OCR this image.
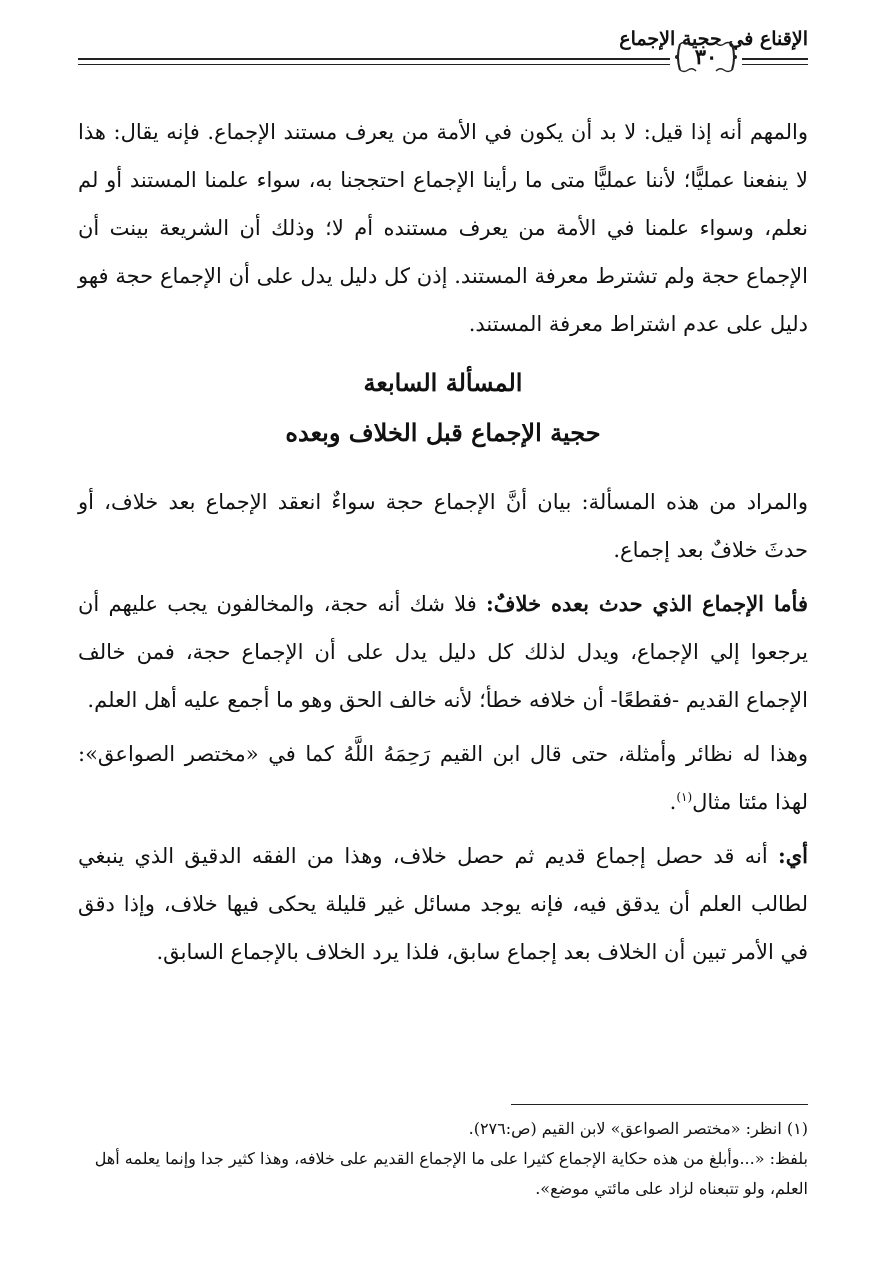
الإقناع في حجية الإجماع
٣٠

والمهم أنه إذا قيل: لا بد أن يكون في الأمة من يعرف مستند الإجماع. فإنه يقال: هذا لا ينفعنا عمليًّا؛ لأننا عمليًّا متى ما رأينا الإجماع احتججنا به، سواء علمنا المستند أو لم نعلم، وسواء علمنا في الأمة من يعرف مستنده أم لا؛ وذلك أن الشريعة بينت أن الإجماع حجة ولم تشترط معرفة المستند. إذن كل دليل يدل على أن الإجماع حجة فهو دليل على عدم اشتراط معرفة المستند.

المسألة السابعة

حجية الإجماع قبل الخلاف وبعده

والمراد من هذه المسألة: بيان أنَّ الإجماع حجة سواءٌ انعقد الإجماع بعد خلاف، أو حدثَ خلافٌ بعد إجماع.

فأما الإجماع الذي حدث بعده خلافٌ: فلا شك أنه حجة، والمخالفون يجب عليهم أن يرجعوا إلي الإجماع، ويدل لذلك كل دليل يدل على أن الإجماع حجة، فمن خالف الإجماع القديم -فقطعًا- أن خلافه خطأ؛ لأنه خالف الحق وهو ما أجمع عليه أهل العلم.

وهذا له نظائر وأمثلة، حتى قال ابن القيم رَحِمَهُ اللَّهُ كما في «مختصر الصواعق»: لهذا مئتا مثال$^{(١)}$.

أي: أنه قد حصل إجماع قديم ثم حصل خلاف، وهذا من الفقه الدقيق الذي ينبغي لطالب العلم أن يدقق فيه، فإنه يوجد مسائل غير قليلة يحكى فيها خلاف، وإذا دقق في الأمر تبين أن الخلاف بعد إجماع سابق، فلذا يرد الخلاف بالإجماع السابق.

(١) انظر: «مختصر الصواعق» لابن القيم (ص:٢٧٦).

بلفظ: «...وأبلغ من هذه حكاية الإجماع كثيرا على ما الإجماع القديم على خلافه، وهذا كثير جدا وإنما يعلمه أهل العلم، ولو تتبعناه لزاد على مائتي موضع».
